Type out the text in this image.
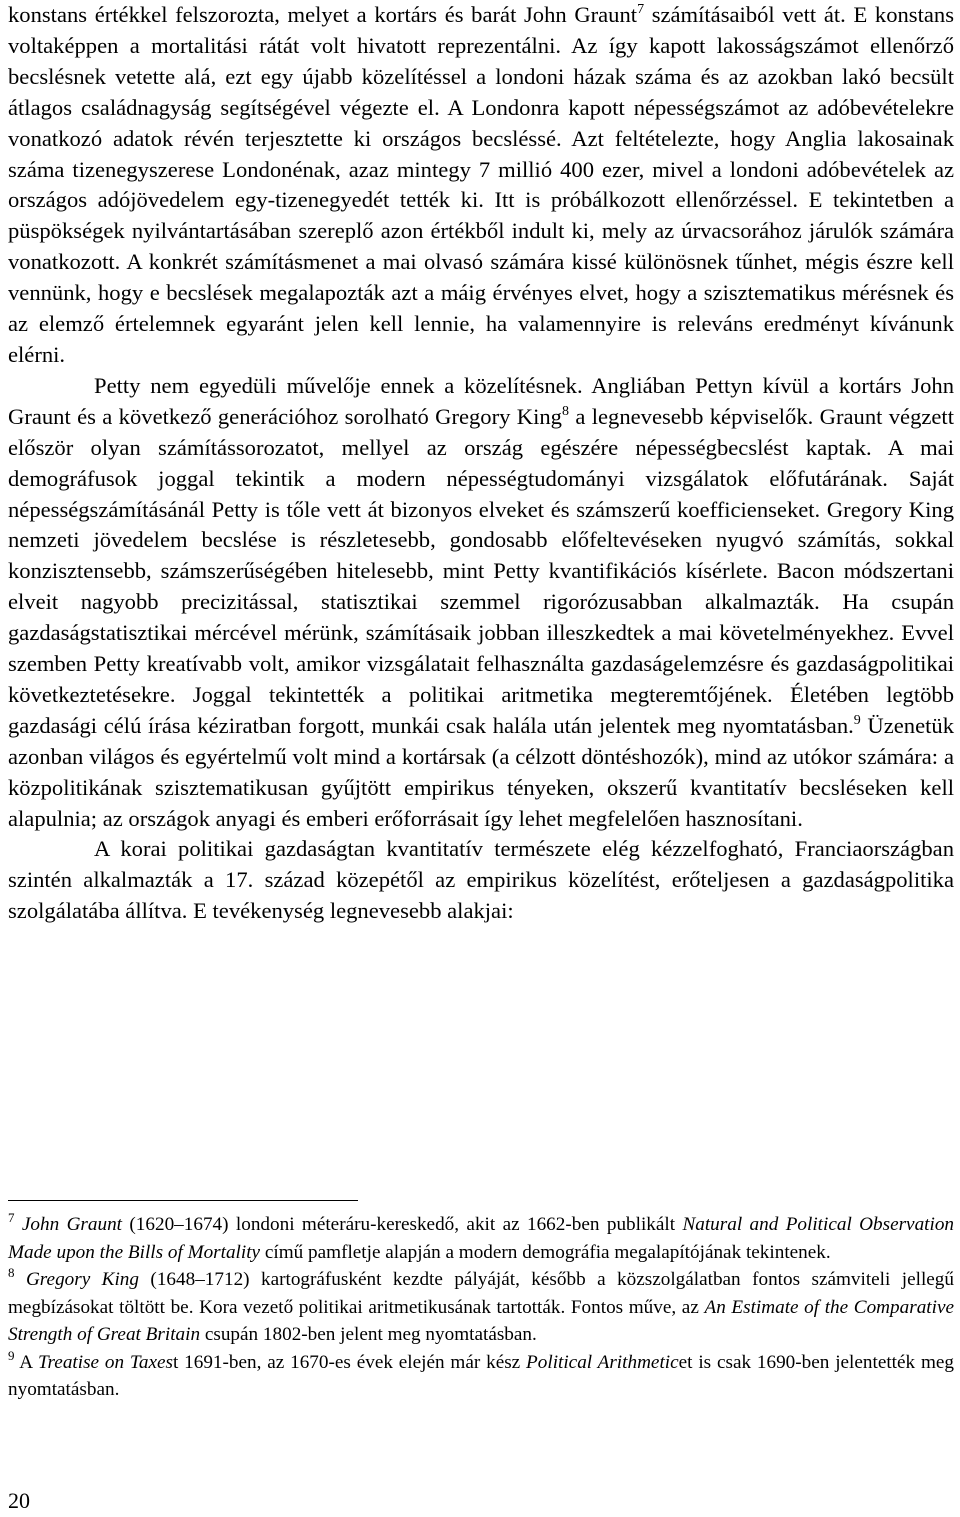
konstans értékkel felszorozta, melyet a kortárs és barát John Graunt$^7$ számításaiból vett át. E konstans voltaképpen a mortalitási rátát volt hivatott reprezentálni. Az így kapott lakosságszámot ellenőrző becslésnek vetette alá, ezt egy újabb közelítéssel a londoni házak száma és az azokban lakó becsült átlagos családnagyság segítségével végezte el. A Londonra kapott népességszámot az adóbevételekre vonatkozó adatok révén terjesztette ki országos becsléssé. Azt feltételezte, hogy Anglia lakosainak száma tizenegyszerese Londonénak, azaz mintegy 7 millió 400 ezer, mivel a londoni adóbevételek az országos adójövedelem egy-tizenegyedét tették ki. Itt is próbálkozott ellenőrzéssel. E tekintetben a püspökségek nyilvántartásában szereplő azon értékből indult ki, mely az úrvacsorához járulók számára vonatkozott. A konkrét számításmenet a mai olvasó számára kissé különösnek tűnhet, mégis észre kell vennünk, hogy e becslések megalapozták azt a máig érvényes elvet, hogy a szisztematikus mérésnek és az elemző értelemnek egyaránt jelen kell lennie, ha valamennyire is releváns eredményt kívánunk elérni.

Petty nem egyedüli művelője ennek a közelítésnek. Angliában Pettyn kívül a kortárs John Graunt és a következő generációhoz sorolható Gregory King$^8$ a legnevesebb képviselők. Graunt végzett először olyan számítássorozatot, mellyel az ország egészére népességbecslést kaptak. A mai demográfusok joggal tekintik a modern népességtudományi vizsgálatok előfutárának. Saját népességszámításánál Petty is tőle vett át bizonyos elveket és számszerű koefficienseket. Gregory King nemzeti jövedelem becslése is részletesebb, gondosabb előfeltevéseken nyugvó számítás, sokkal konzisztensebb, számszerűségében hitelesebb, mint Petty kvantifikációs kísérlete. Bacon módszertani elveit nagyobb precizitással, statisztikai szemmel rigorózusabban alkalmazták. Ha csupán gazdaságstatisztikai mércével mérünk, számításaik jobban illeszkedtek a mai követelményekhez. Evvel szemben Petty kreatívabb volt, amikor vizsgálatait felhasználta gazdaságelemzésre és gazdaságpolitikai következtetésekre. Joggal tekintették a politikai aritmetika megteremtőjének. Életében legtöbb gazdasági célú írása kéziratban forgott, munkái csak halála után jelentek meg nyomtatásban.$^9$ Üzenetük azonban világos és egyértelmű volt mind a kortársak (a célzott döntéshozók), mind az utókor számára: a közpolitikának szisztematikusan gyűjtött empirikus tényeken, okszerű kvantitatív becsléseken kell alapulnia; az országok anyagi és emberi erőforrásait így lehet megfelelően hasznosítani.

A korai politikai gazdaságtan kvantitatív természete elég kézzelfogható, Franciaországban szintén alkalmazták a 17. század közepétől az empirikus közelítést, erőteljesen a gazdaságpolitika szolgálatába állítva. E tevékenység legnevesebb alakjai:

$^7$ John Graunt (1620–1674) londoni méteráru-kereskedő, akit az 1662-ben publikált Natural and Political Observation Made upon the Bills of Mortality című pamfletje alapján a modern demográfia megalapítójának tekintenek.

$^8$ Gregory King (1648–1712) kartográfusként kezdte pályáját, később a közszolgálatban fontos számviteli jellegű megbízásokat töltött be. Kora vezető politikai aritmetikusának tartották. Fontos műve, az An Estimate of the Comparative Strength of Great Britain csupán 1802-ben jelent meg nyomtatásban.

$^9$ A Treatise on Taxest 1691-ben, az 1670-es évek elején már kész Political Arithmeticet is csak 1690-ben jelentették meg nyomtatásban.

20
